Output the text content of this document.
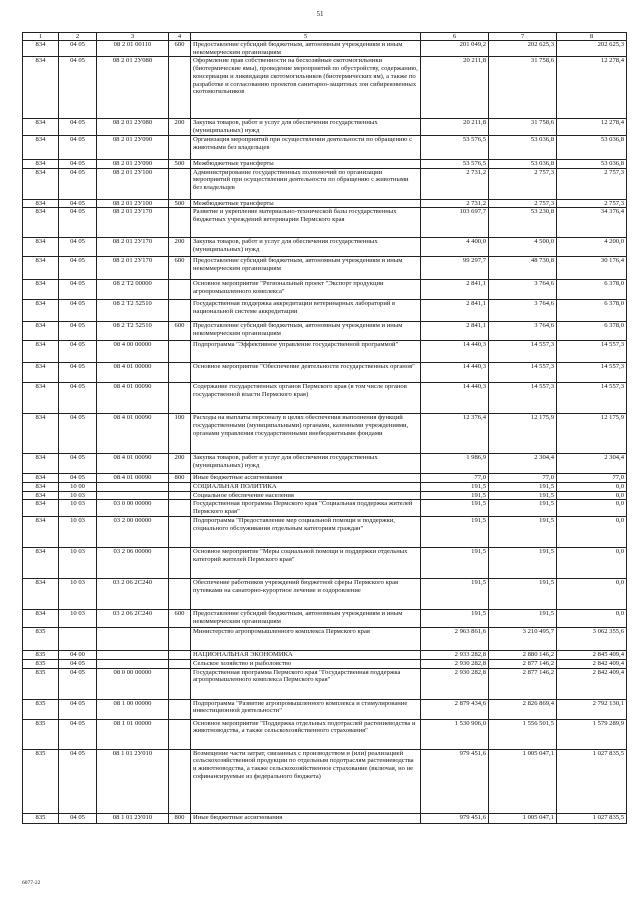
51
1	2	3	4	5	6	7	8
834	04 05	08 2 01 00110	600	Предоставление субсидий бюджетным, автономным учреждениям и иным некоммерческим организациям	201 049,2	202 625,3	202 625,3
834	04 05	08 2 01 2У080		Оформление прав собственности на бесхозяйные скотомогильники (биотермические ямы), проведение мероприятий по обустройству, содержанию, консервации и ликвидации скотомогильников (биотермических ям), а также по разработке и согласованию проектов санитарно-защитных зон сибиреязвенных скотомогильников	20 211,8	31 758,6	12 278,4
834	04 05	08 2 01 2У080	200	Закупка товаров, работ и услуг для обеспечения государственных (муниципальных) нужд	20 211,8	31 758,6	12 278,4
834	04 05	08 2 01 2У090		Организация мероприятий при осуществлении деятельности по обращению с животными без владельцев	53 576,5	53 036,8	53 036,8
834	04 05	08 2 01 2У090	500	Межбюджетные трансферты	53 576,5	53 036,8	53 036,8
834	04 05	08 2 01 2У100		Администрирование государственных полномочий по организации мероприятий при осуществлении деятельности по обращению с животными без владельцев	2 731,2	2 757,3	2 757,3
834	04 05	08 2 01 2У100	500	Межбюджетные трансферты	2 731,2	2 757,3	2 757,3
834	04 05	08 2 01 2У170		Развитие и укрепление материально-технической базы государственных бюджетных учреждений ветеринарии Пермского края	103 697,7	53 230,8	34 376,4
834	04 05	08 2 01 2У170	200	Закупка товаров, работ и услуг для обеспечения государственных (муниципальных) нужд	4 400,0	4 500,0	4 200,0
834	04 05	08 2 01 2У170	600	Предоставление субсидий бюджетным, автономным учреждениям и иным некоммерческим организациям	99 297,7	48 730,8	30 176,4
834	04 05	08 2 Т2 00000		Основное мероприятие "Региональный проект "Экспорт продукции агропромышленного комплекса"	2 841,1	3 764,6	6 378,0
834	04 05	08 2 Т2 52510		Государственная поддержка аккредитации ветеринарных лабораторий в национальной системе аккредитации	2 841,1	3 764,6	6 378,0
834	04 05	08 2 Т2 52510	600	Предоставление субсидий бюджетным, автономным учреждениям и иным некоммерческим организациям	2 841,1	3 764,6	6 378,0
834	04 05	08 4 00 00000		Подпрограмма "Эффективное управление государственной программой"	14 440,3	14 557,3	14 557,3
834	04 05	08 4 01 00000		Основное мероприятие "Обеспечение деятельности государственных органов"	14 440,3	14 557,3	14 557,3
834	04 05	08 4 01 00090		Содержание государственных органов Пермского края (в том числе органов государственной власти Пермского края)	14 440,3	14 557,3	14 557,3
834	04 05	08 4 01 00090	100	Расходы на выплаты персоналу в целях обеспечения выполнения функций государственными (муниципальными) органами, казенными учреждениями, органами управления государственными внебюджетными фондами	12 376,4	12 175,9	12 175,9
834	04 05	08 4 01 00090	200	Закупка товаров, работ и услуг для обеспечения государственных (муниципальных) нужд	1 986,9	2 304,4	2 304,4
834	04 05	08 4 01 00090	800	Иные бюджетные ассигнования	77,0	77,0	77,0
834	10 00			СОЦИАЛЬНАЯ ПОЛИТИКА	191,5	191,5	0,0
834	10 03			Социальное обеспечение населения	191,5	191,5	0,0
834	10 03	03 0 00 00000		Государственная программа Пермского края "Социальная поддержка жителей Пермского края"	191,5	191,5	0,0
834	10 03	03 2 00 00000		Подпрограмма "Предоставление мер социальной помощи и поддержки, социального обслуживания отдельным категориям граждан"	191,5	191,5	0,0
834	10 03	03 2 06 00000		Основное мероприятие "Меры социальной помощи и поддержки отдельных категорий жителей Пермского края"	191,5	191,5	0,0
834	10 03	03 2 06 2С240		Обеспечение работников учреждений бюджетной сферы Пермского края путевками на санаторно-курортное лечение и оздоровление	191,5	191,5	0,0
834	10 03	03 2 06 2С240	600	Предоставление субсидий бюджетным, автономным учреждениям и иным некоммерческим организациям	191,5	191,5	0,0
835				Министерство агропромышленного комплекса Пермского края	2 963 861,6	3 210 495,7	3 062 355,6
835	04 00			НАЦИОНАЛЬНАЯ ЭКОНОМИКА	2 933 282,8	2 880 146,2	2 845 409,4
835	04 05			Сельское хозяйство и рыболовство	2 930 282,8	2 877 146,2	2 842 409,4
835	04 05	08 0 00 00000		Государственная программа Пермского края "Государственная поддержка агропромышленного комплекса Пермского края"	2 930 282,8	2 877 146,2	2 842 409,4
835	04 05	08 1 00 00000		Подпрограмма "Развитие агропромышленного комплекса и стимулирование инвестиционной деятельности"	2 879 434,6	2 826 869,4	2 792 130,1
835	04 05	08 1 01 00000		Основное мероприятие "Поддержка отдельных подотраслей растениеводства и животноводства, а также сельскохозяйственного страхования"	1 530 906,0	1 556 501,5	1 579 289,9
835	04 05	08 1 01 2У010		Возмещение части затрат, связанных с производством и (или) реализацией сельскохозяйственной продукции по отдельным подотраслям растениеводства и животноводства, а также сельскохозяйственное страхование (включая, но не софинансируемые из федерального бюджета)	979 451,6	1 005 047,1	1 027 835,5
835	04 05	08 1 01 2У010	800	Иные бюджетные ассигнования	979 451,6	1 005 047,1	1 027 835,5
6077-22
